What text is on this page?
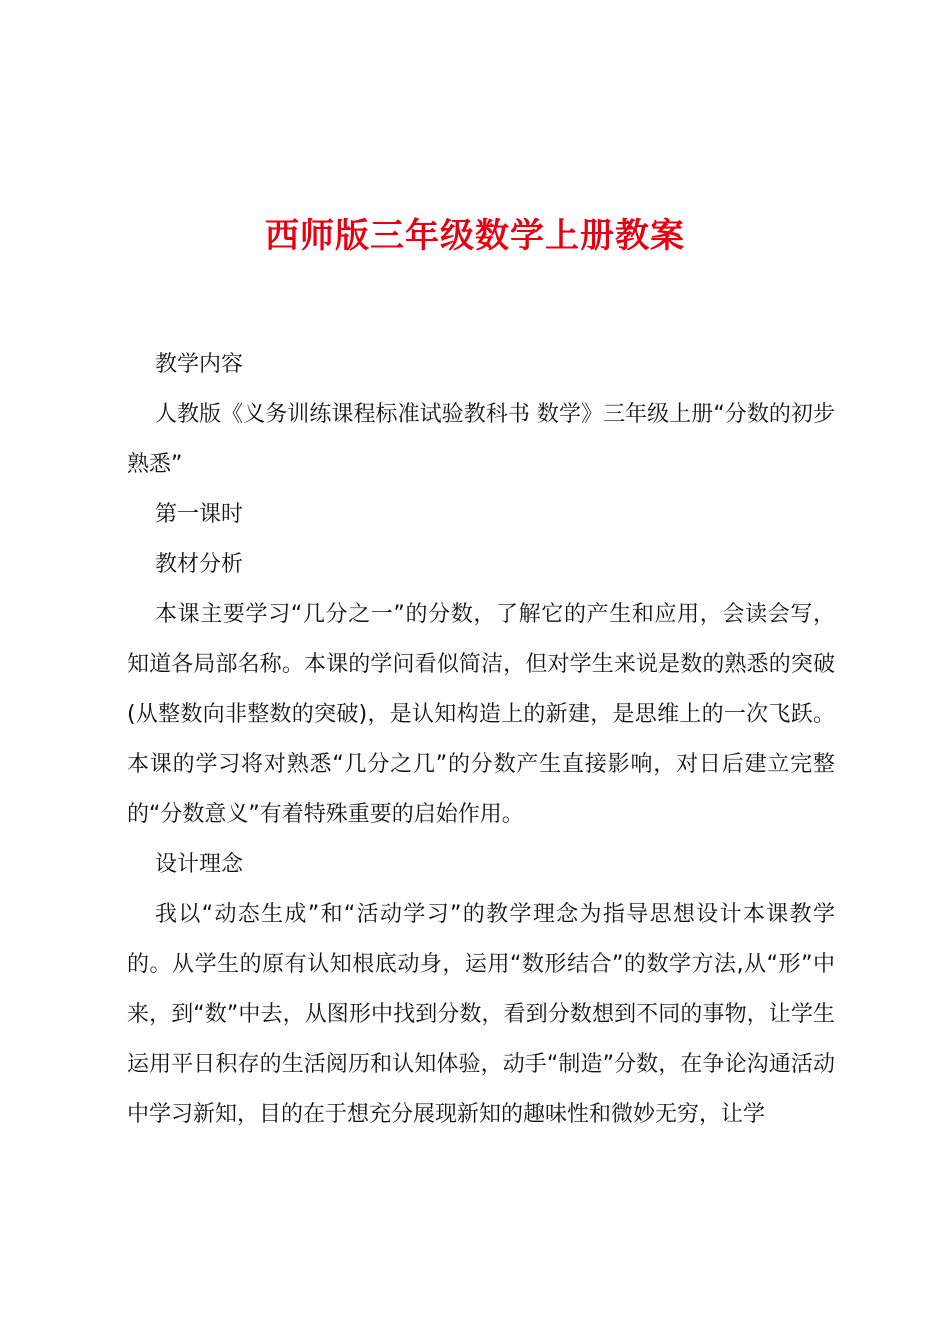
西师版三年级数学上册教案

教学内容

人教版《义务训练课程标准试验教科书 数学》三年级上册“分数的初步熟悉”

第一课时

教材分析

本课主要学习“几分之一”的分数，了解它的产生和应用，会读会写，知道各局部名称。本课的学问看似简洁，但对学生来说是数的熟悉的突破(从整数向非整数的突破)，是认知构造上的新建，是思维上的一次飞跃。本课的学习将对熟悉“几分之几”的分数产生直接影响，对日后建立完整的“分数意义”有着特殊重要的启始作用。

设计理念

我以“动态生成”和“活动学习”的教学理念为指导思想设计本课教学的。从学生的原有认知根底动身，运用“数形结合”的数学方法,从“形”中来，到“数”中去，从图形中找到分数，看到分数想到不同的事物，让学生运用平日积存的生活阅历和认知体验，动手“制造”分数，在争论沟通活动中学习新知，目的在于想充分展现新知的趣味性和微妙无穷，让学
